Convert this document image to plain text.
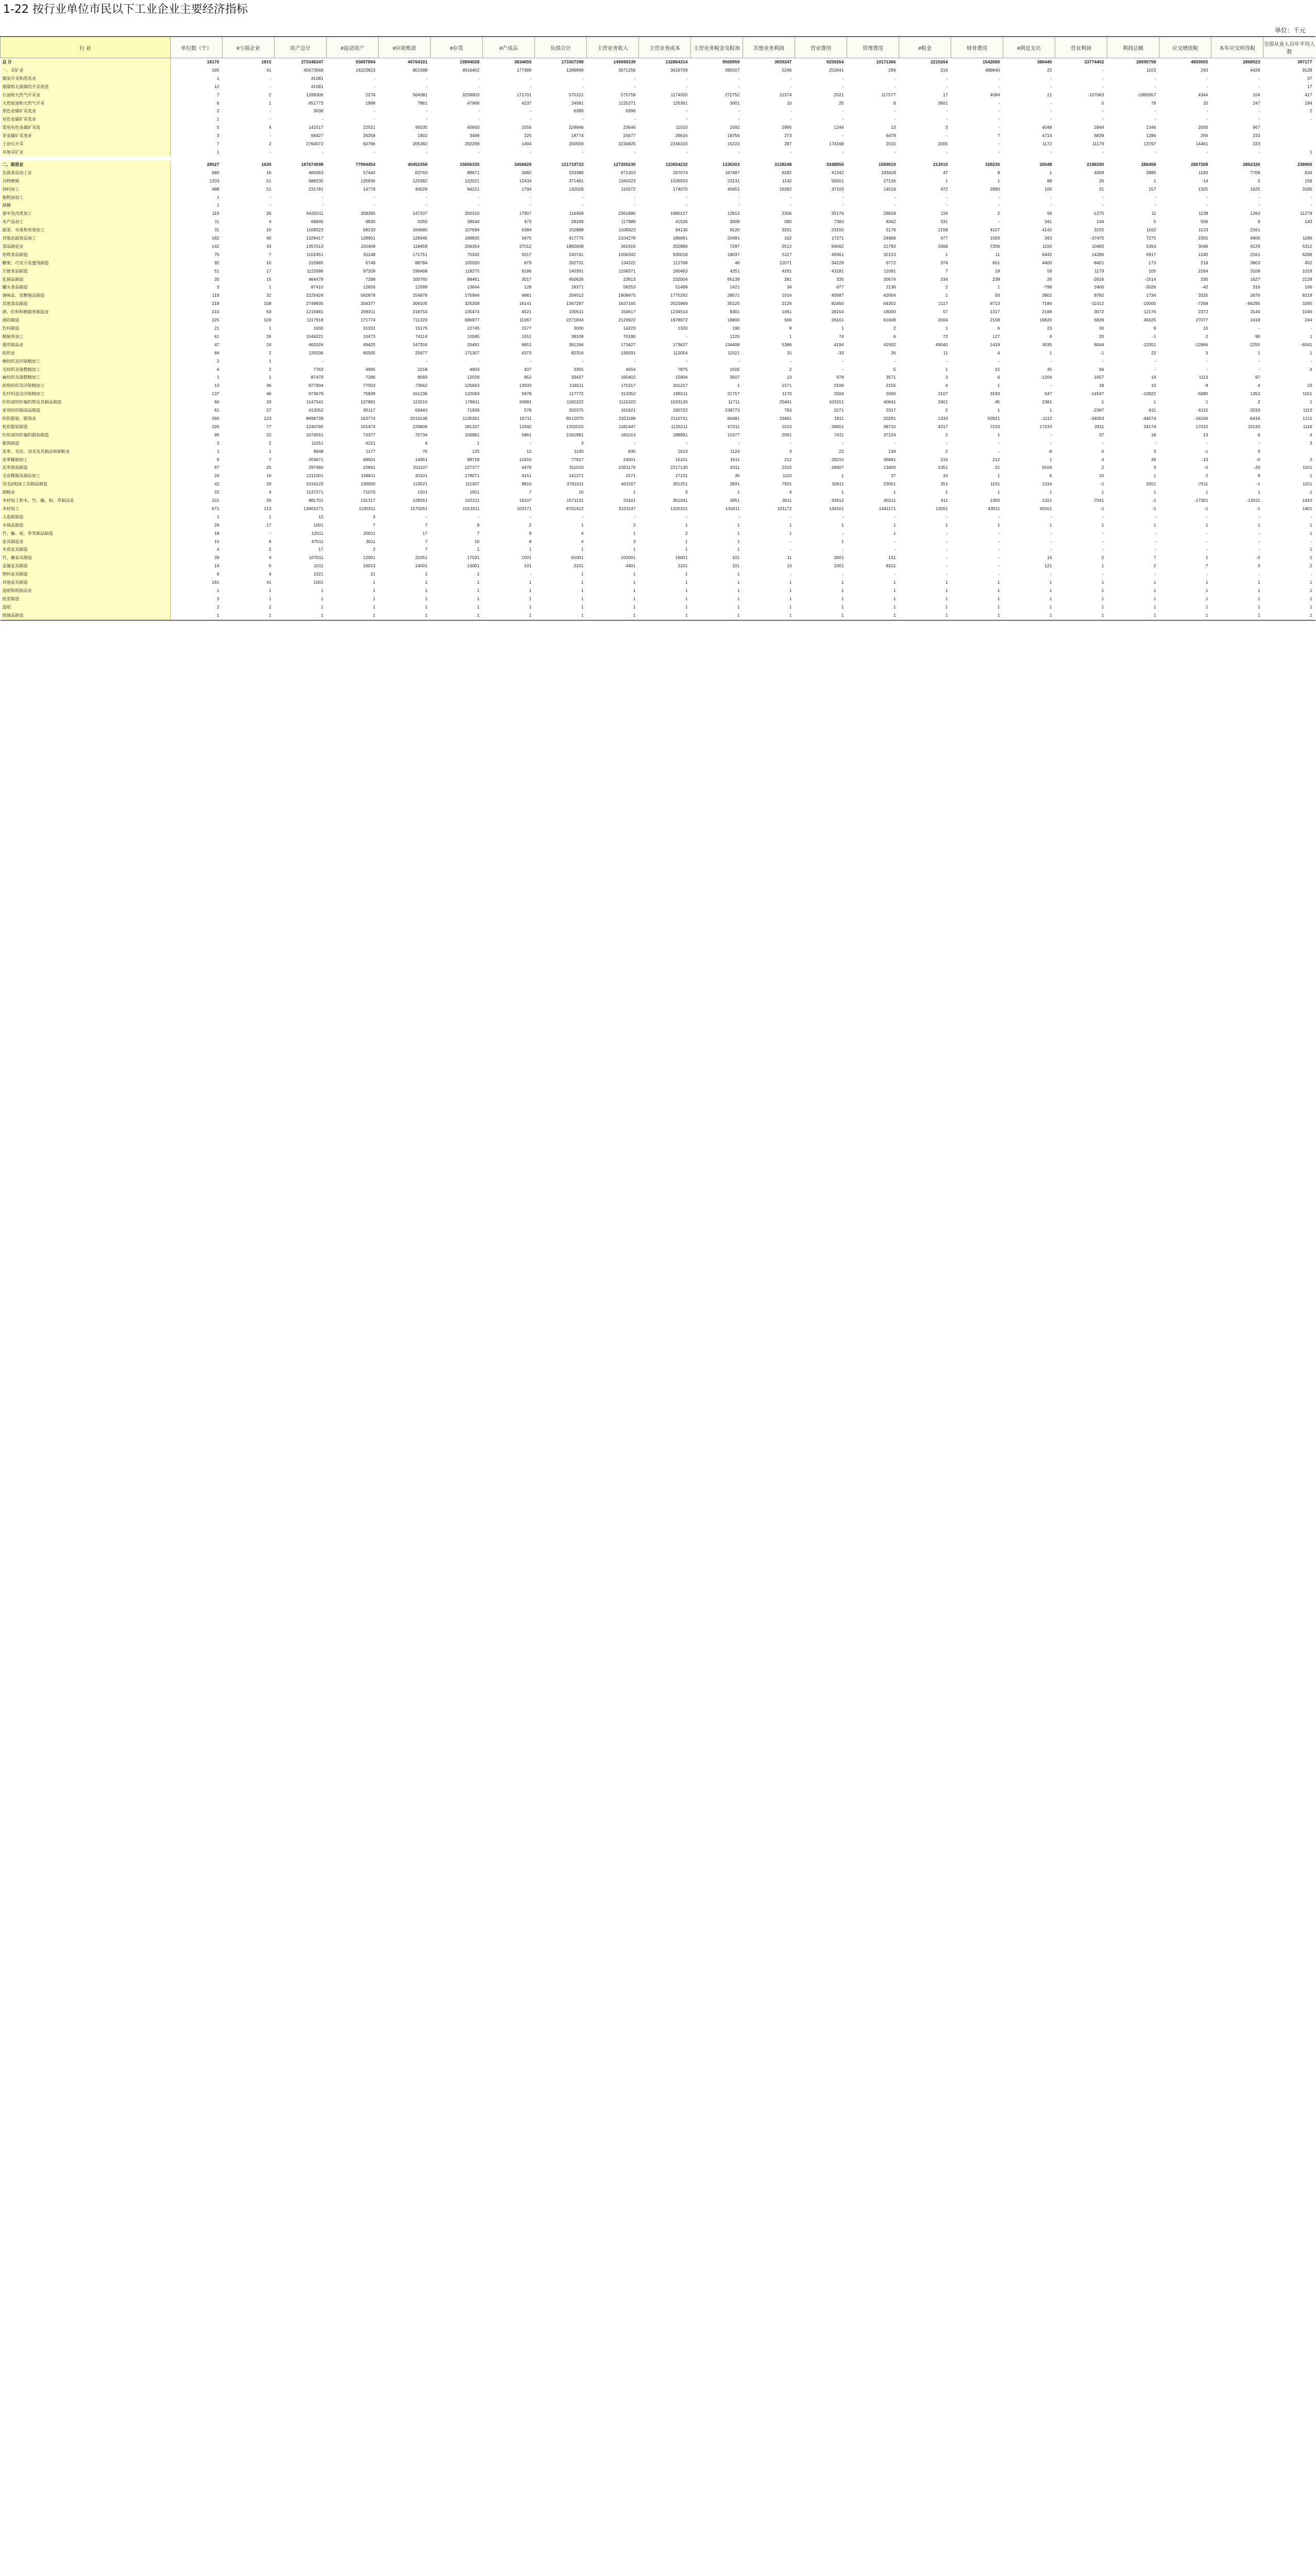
1-22 按行业单位市民以下工业企业主要经济指标
单位：千元
行 业	单位数（个）	#亏损企业	资产总计	#流动资产	#应收账款	#存货	#产成品	负债合计	主营业务收入	主营业务成本	主营业务税金及附加	其他业务利润	营业费用	管理费用	#税金	财务费用	#利息支出	营业利润	利润总额	应交增值税	本年应交所得税	全部从业人员年平均人数	
总 计	18170	1815	273348347	93897894	40764101	19894028	3834655	173307398	149699339	132864314	9569959	3659247	9259264	10171366	2210264	1542680	386440	33774402	28090758	4859565	2868923	397177	
一、采矿业	165	41	45673568	16223823	801588	4916402	177388	1289899	3071256	3616709	395507	5246	252641	299	219	488640	23	-	1103	243	4426	9128	
煤炭开采和洗选业	1	-	41081	-	-	-	-	-	-	-	-	-	-	-	-	-	-	-	-	-	-	37	
烟煤和无烟煤的开采洗选	12	-	41081	-	-	-	-	-	-	-	-	-	-	-	-	-	-	-	-	-	-	17	
石油和天然气开采业	7	2	1289306	2276	564381	3258903	171701	575151	575759	1174055	272752	12374	2521	117577	17	4084	21	-157063	-1865957	4344	104	417	
天然原油和天然气开采	6	1	651773	1998	7861	47968	4237	24581	1125271	125361	3001	10	25	8	3601	-	-	5	78	20	247	184	
黑色金属矿采选业	2	-	3038	-	-	-	-	6399	6399	-	-	-	-	-	-	-	-	-	-	-	-	2	
有色金属矿采选业	1	-	-	-	-	-	-	-	-	-	-	-	-	-	-	-	-	-	-	-	-	-	
常用有色金属矿采选	5	4	141517	22521	45035	45650	1556	224846	23646	11010	1592	2995	1244	13	3	-	4048	2844	1346	2000	967		
非金属矿采选业	3	-	66427	26258	1802	3499	225	18774	25677	26616	18756	273	-	6478	-	7	4714	6839	1286	256	233		
土砂石开采	7	2	2764072	60796	205382	292299	1494	200559	2234825	2246310	15223	287	174168	2015	2005	-	1172	11179	13797	14461	223		
其他采矿业	1	-	-	-	-	-	-	-	-	-	-	-	-	-	-	-	-	-	-	-	-	1	

二、制造业	28527	1630	187674098	77994454	40452358	15656335	3456829	121719723	127205235	123654232	1336303	3128248	9348856	1569019	213510	328235	20048	2188290	286458	2867208	2862326	238960	
农副食品加工业	680	16	465063	57440	63763	88671	3082	333386	671303	267074	167487	6282	41242	193418	47	8	1	4609	3985	1183	7709	834	
谷物磨制	1203	51	688235	135836	125382	122021	12434	371481	1160323	1026553	23131	1142	58201	27126	1	1	88	26	1	-14	2	158	
饲料加工	488	51	231781	14779	40029	94221	1794	132028	115072	174070	45651	18282	37103	14519	472	2890	105	31	157	1325	1625	3185	
植物油加工	1	-	-	-	-	-	-	-	-	-	-	-	-	-	-	-	-	-	-	-	-	-	
制糖	1	-	-	-	-	-	-	-	-	-	-	-	-	-	-	-	-	-	-	-	-	-	
屠宰及肉类加工	115	26	6425511	208395	147337	200310	17907	116458	2361880	1980127	13913	2306	35176	28818	119	2	59	-1275	11	1138	1263	11279	
水产品加工	11	4	68846	9830	5050	38544	473	28189	117989	41526	3008	580	7383	8342	331	-	341	144	5	506	9	143	
蔬菜、水果和坚果加工	31	10	1108323	58133	164680	107694	6384	152888	1108323	94130	8120	3291	23155	5176	2158	4107	4142	3155	1162	1123	2161		
其他农副食品加工	182	40	1326417	128901	128345	189835	3475	417775	2104278	186691	20491	162	17271	24968	477	1583	263	-37475	7275	2355	4900	1186	
食品制造业	142	43	1357013	150408	118459	206354	37012	1882608	362415	252886	7297	2512	84062	21793	3368	7206	1155	10483	5354	3046	9129	5312	
焙烤食品制造	75	7	1102451	91148	171751	70342	5017	240741	1006342	930018	18037	5117	49361	32153	1	11	6442	14286	6917	1240	2161	6268	
糖果、巧克力及蜜饯制造	92	10	315965	6749	88784	105020	879	262731	134322	112768	46	12071	34229	6772	374	601	4400	-8401	173	218	3803	452	
方便食品制造	51	17	1115586	97209	199468	118275	9186	140391	1158371	180463	4251	4291	43181	11091	7	19	59	1179	105	2164	3108	1019	
乳制品制造	20	15	464479	7298	100760	88461	3017	450626	23613	232004	65139	281	335	30574	334	238	26	-2616	-1514	330	1627	2128	
罐头食品制造	3	1	87410	12826	12589	13644	128	18371	58253	51499	1421	34	677	2136	2	1	-798	2400	-3026	-42	316	166	
调味品、发酵制品制造	119	31	2225424	562879	154879	175994	4861	204512	1908475	1775292	28571	1014	40587	42004	1	50	3902	8782	1734	3325	2676	8219	
其他食品制造	218	108	2749935	204377	306105	325208	16141	1367297	1637165	2023969	35125	2126	82450	64302	2117	8713	7184	-11012	-10000	-7268	-84265	3265	
酒、饮料和精制茶制造业	210	63	1219481	209311	218754	135474	4521	230511	150617	1234514	8301	1061	28154	18000	57	1317	2168	3072	12176	2372	3140	1046	
酒的制造	225	109	1117918	171774	711323	686977	11067	2271834	2120922	1978972	18800	569	26161	61608	2004	2108	19620	6828	45625	27077	2418	244	
饮料制造	21	1	1000	31031	15175	22745	1577	3000	14223	1320	190	8	1	2	1	6	23	30	9	10	-	-	
精制茶加工	61	26	1046221	10473	74114	10045	1551	38108	70180	-	1225	1	74	6	72	127	4	20	-1	2	90	1	
烟草制品业	47	24	462026	49425	147204	20491	6651	391266	173427	173627	134408	5386	4194	41502	49040	1419	3035	8044	-13351	-12866	-2255	-6541	
纺织业	84	2	129336	65505	25677	171307	4373	82316	139291	112054	11521	15	-33	26	11	4	1	-1	22	3	1	1	
棉纺织及印染精加工	2	1	-	-	-	-	-	-	-	-	-	-	-	-	-	-	-	-	-	-	-	-	
毛纺织及染整精加工	6	2	7763	4995	2218	4603	437	3355	4554	7875	1505	2	-	5	1	21	35	94	-	-	-	4	
麻纺织及染整精加工	1	1	87479	7286	8093	12029	852	33437	165402	15904	3507	13	978	3571	3	6	-1204	1657	19	1113	97		
丝绢纺织及印染精加工	13	36	977904	77503	73662	125663	13933	218111	175317	161217	1	1571	2106	2155	4	1	-	18	10	8	4	23	
化纤织造及印染精加工	137	46	973679	75839	161236	122094	5878	117772	313352	185511	21757	1170	2504	2006	2107	3193	547	-14547	-10922	-5880	1352	1151	
针织或钩针编织物及其制品制造	66	24	1147541	137891	113210	178811	24981	1182222	1115322	1023120	11711	25441	103151	40641	2401	45	2381	1	1	1	2	1	
家用纺织制成品制造	81	27	413052	95117	63443	71939	578	202375	161621	190722	238773	763	2271	2317	2	1	1	-2367	611	-6115	-3233	1113	
纺织服装、服饰业	265	123	8698739	163774	2016146	1135351	16711	6512075	2321188	2110741	60481	23461	1811	20291	1333	50921	-1112	-34053	-44074	-16106	-6416	1211	
机织服装制造	220	77	1240765	101474	229806	181337	13342	1202015	1181447	1125211	67211	1013	39601	48710	4317	7233	17233	2911	24174	17010	15133	1116	
针织或钩针编织服装制造	89	22	1074551	73377	70734	106981	5861	2161981	181013	188891	10377	2061	7411	37124	2	1	-	37	18	13	6	4	
服饰制造	3	2	11051	4221	4	1	-	3	-	-	-	-	-	-	-	-	-	-	-	-	-	3	
皮革、毛皮、羽毛及其制品和制鞋业	1	1	9948	1177	70	125	12	1140	835	1613	1124	3	22	134	2	-	-6	0	3	-1	3		
皮革鞣制加工	9	7	203671	68501	14951	99718	12410	77617	24501	15101	1611	212	28210	36961	215	212	1	4	39	-13	-0	2	
皮革制品制造	87	25	297460	22841	201107	127377	4470	311010	2351179	2217130	6311	2315	28407	13400	1351	21	9104	2	3	-0	-20	1101	
毛皮鞣制及制品加工	24	16	1211001	158811	91101	178071	4151	141271	1571	17131	36	1110	1	37	10	1	6	10	1	2	8	1	
羽毛(绒)加工及制品制造	42	20	1016123	130000	113521	111307	8810	3761011	401167	301251	2831	7501	32611	23001	351	1131	1314	-1	3201	-7611	-1	1101	
制鞋业	22	4	1137271	71070	1501	1501	7	10	1	3	1	4	1	1	1	1	1	1	1	1	1	1	
木材加工和木、竹、藤、棕、草制品业	101	26	881701	131317	128261	102211	16107	1571131	23101	351041	3951	3011	33412	40211	411	1350	1321	-7041	-1	-17301	-12011	1410	
木材加工	671	213	13401271	1130311	1170261	1013311	103171	8701412	3101147	1320101	133411	101172	134101	1441171	13201	43011	40101	-1	-1	-1	-1	1401	
人造板制造	1	1	12	3	-	-	-	-	-	-	-	-	-	-	-	-	-	-	-	-	-	-	
木制品制造	26	17	1001	7	7	9	2	1	2	1	1	1	1	1	1	1	1	1	1	1	1	1	
竹、藤、棕、草等制品制造	18	-	12011	20011	17	7	9	4	1	2	1	1	-	1	-	-	-	-	-	-	-	1	
家具制造业	15	9	47511	3011	7	10	8	4	3	1	1	-	1	-	-	-	-	-	-	-	-	-	
木质家具制造	4	2	17	2	7	1	1	1	1	1	1	-	-	-	-	-	-	-	-	-	-	1	
竹、藤家具制造	28	4	107011	12001	31051	17031	1001	61001	102001	16001	101	11	3001	131	-	-	14	2	7	1	-2	1	
金属家具制造	14	5	1011	10013	14001	13001	101	2101	4401	2101	101	13	1001	8101	-	-	121	1	2	7	3	2	
塑料家具制造	6	4	1021	21	1	1	-	1	1	1	1	-	-	-	-	-	-	-	-	-	-	-	
其他家具制造	181	41	1001	1	1	1	1	1	1	1	1	1	1	1	1	1	1	1	1	1	1	1	
造纸和纸制品业	1	1	1	1	1	1	1	1	1	1	1	1	1	1	1	1	1	1	1	1	1	1	
纸浆制造	3	1	1	1	1	1	1	1	1	1	1	1	1	1	1	1	1	1	1	1	1	1	
造纸	2	2	1	1	1	1	1	1	1	1	1	1	1	1	1	1	1	1	1	1	1	1	
纸制品制造	1	1	1	1	1	1	1	1	1	1	1	1	1	1	1	1	1	1	1	1	1	1	
